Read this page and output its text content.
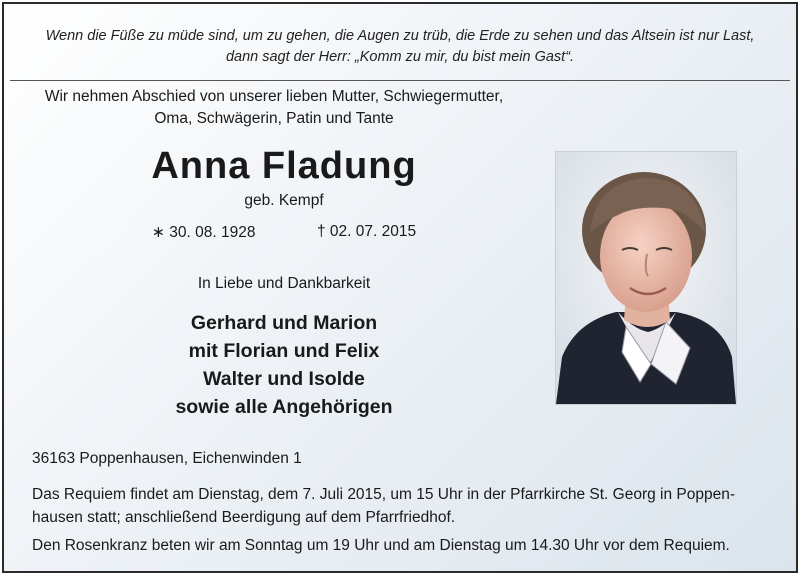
Wenn die Füße zu müde sind, um zu gehen, die Augen zu trüb, die Erde zu sehen und das Altsein ist nur Last,
dann sagt der Herr: „Komm zu mir, du bist mein Gast“.
Wir nehmen Abschied von unserer lieben Mutter, Schwiegermutter,
Oma, Schwägerin, Patin und Tante
Anna Fladung
geb. Kempf
∗ 30. 08. 1928	† 02. 07. 2015
In Liebe und Dankbarkeit
Gerhard und Marion
mit Florian und Felix
Walter und Isolde
sowie alle Angehörigen
36163 Poppenhausen, Eichenwinden 1
Das Requiem findet am Dienstag, dem 7. Juli 2015, um 15 Uhr in der Pfarrkirche St. Georg in Poppen-
hausen statt; anschließend Beerdigung auf dem Pfarrfriedhof.
Den Rosenkranz beten wir am Sonntag um 19 Uhr und am Dienstag um 14.30 Uhr vor dem Requiem.
